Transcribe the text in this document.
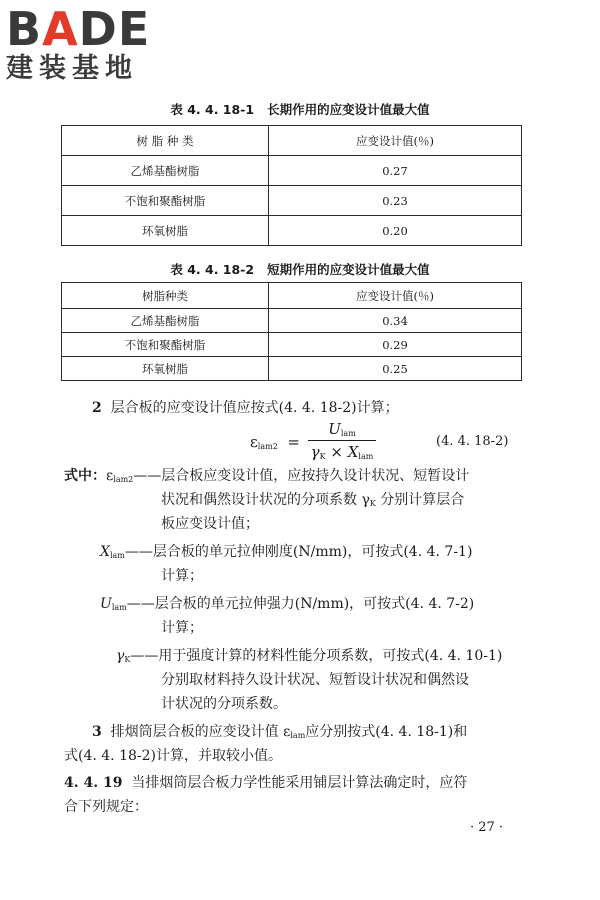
BADE
建装基地
表 4. 4. 18-1 长期作用的应变设计值最大值
树 脂 种 类	应变设计值(％)
乙烯基酯树脂	0.27
不饱和聚酯树脂	0.23
环氧树脂	0.20
表 4. 4. 18-2 短期作用的应变设计值最大值
树脂种类	应变设计值(％)
乙烯基酯树脂	0.34
不饱和聚酯树脂	0.29
环氧树脂	0.25
2 层合板的应变设计值应按式(4. 4. 18-2)计算；
$\varepsilon_{lam2}$ =
$U_{lam}$
$\gamma_K \times X_{lam}$
(4. 4. 18-2)
式中：$\varepsilon_{lam2}——$层合板应变设计值，应按持久设计状况、短暂设计
状况和偶然设计状况的分项系数 $\gamma_K$ 分别计算层合
板应变设计值；
$X_{lam}——$层合板的单元拉伸刚度(N/mm)，可按式(4. 4. 7-1)
计算；
$U_{lam}——$层合板的单元拉伸强力(N/mm)，可按式(4. 4. 7-2)
计算；
$\gamma_K——$用于强度计算的材料性能分项系数，可按式(4. 4. 10-1)
分别取材料持久设计状况、短暂设计状况和偶然设
计状况的分项系数。
3 排烟筒层合板的应变设计值 $\varepsilon_{lam}$应分别按式(4. 4. 18-1)和
式(4. 4. 18-2)计算，并取较小值。
4. 4. 19 当排烟筒层合板力学性能采用铺层计算法确定时，应符
合下列规定：
· 27 ·
